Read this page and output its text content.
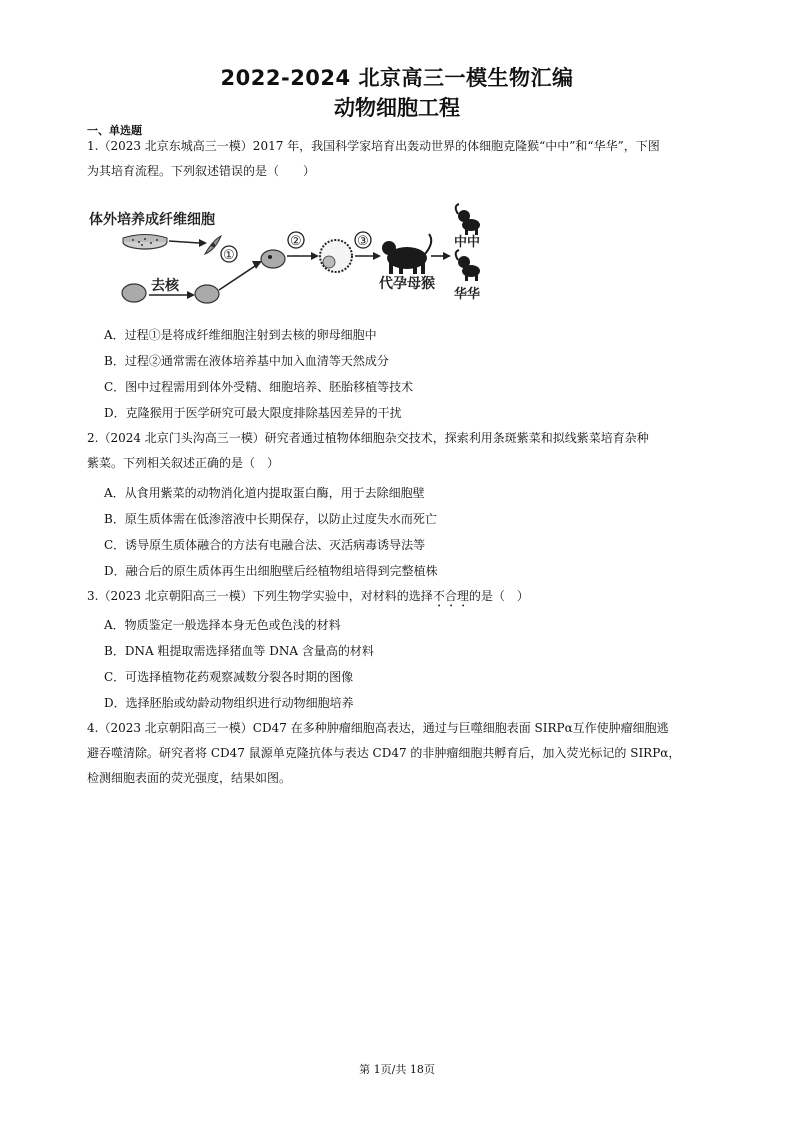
2022-2024 北京高三一模生物汇编
动物细胞工程
一、单选题
1.（2023 北京东城高三一模）2017 年，我国科学家培育出轰动世界的体细胞克隆猴“中中”和“华华”，下图
为其培育流程。下列叙述错误的是（　　）
体外培养成纤维细胞
①
去核
②	③
代孕母猴
中中
华华
A．过程①是将成纤维细胞注射到去核的卵母细胞中
B．过程②通常需在液体培养基中加入血清等天然成分
C．图中过程需用到体外受精、细胞培养、胚胎移植等技术
D．克隆猴用于医学研究可最大限度排除基因差异的干扰
2.（2024 北京门头沟高三一模）研究者通过植物体细胞杂交技术，探索利用条斑紫菜和拟线紫菜培育杂种
紫菜。下列相关叙述正确的是（　）
A．从食用紫菜的动物消化道内提取蛋白酶，用于去除细胞壁
B．原生质体需在低渗溶液中长期保存，以防止过度失水而死亡
C．诱导原生质体融合的方法有电融合法、灭活病毒诱导法等
D．融合后的原生质体再生出细胞壁后经植物组培得到完整植株
3.（2023 北京朝阳高三一模）下列生物学实验中，对材料的选择不合理的是（　）
A．物质鉴定一般选择本身无色或色浅的材料
B．DNA 粗提取需选择猪血等 DNA 含量高的材料
C．可选择植物花药观察减数分裂各时期的图像
D．选择胚胎或幼龄动物组织进行动物细胞培养
4.（2023 北京朝阳高三一模）CD47 在多种肿瘤细胞高表达，通过与巨噬细胞表面 SIRPα互作使肿瘤细胞逃
避吞噬清除。研究者将 CD47 鼠源单克隆抗体与表达 CD47 的非肿瘤细胞共孵育后，加入荧光标记的 SIRPα，
检测细胞表面的荧光强度，结果如图。
第 1页/共 18页
